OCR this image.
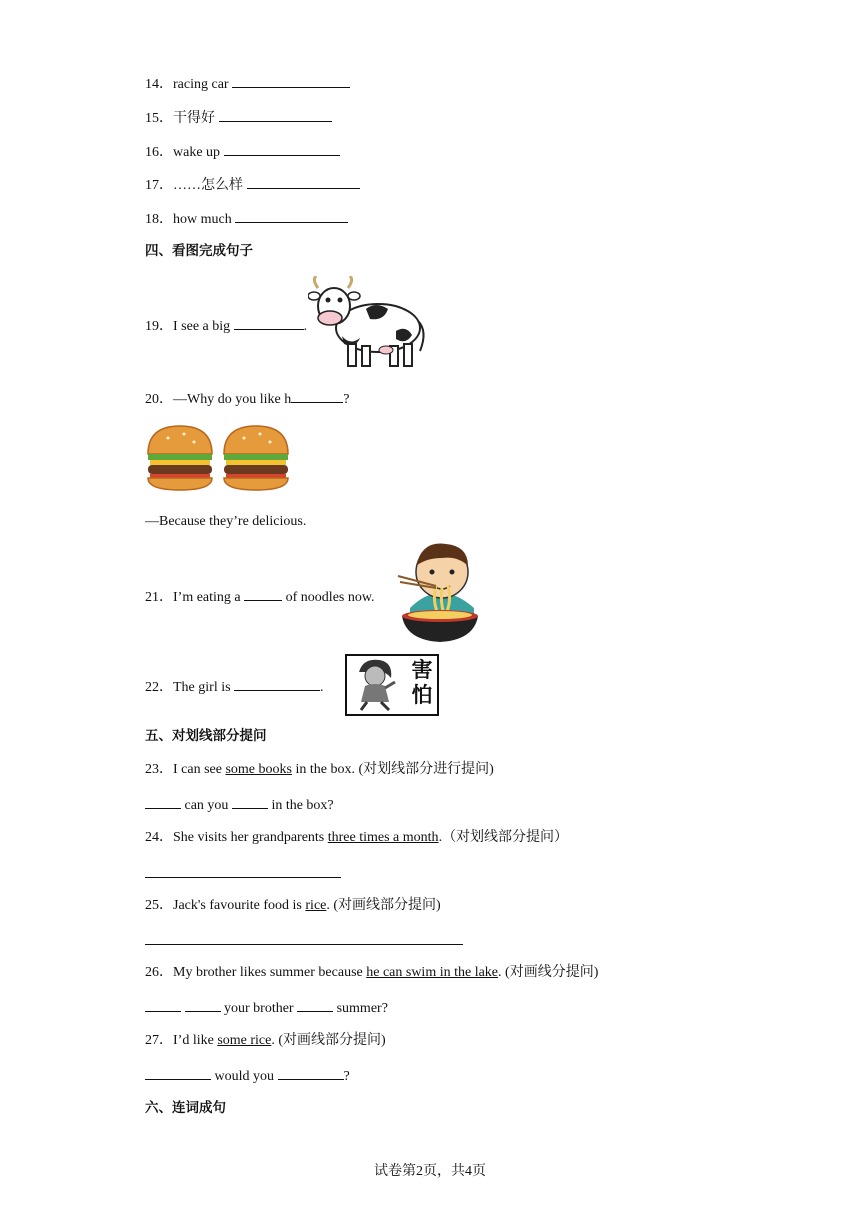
14．racing car
15．干得好
16．wake up
17．……怎么样
18．how much
四、看图完成句子
19．I see a big	.
20．—Why do you like h	?
—Because they’re delicious.
21．I’m eating a	of noodles now.
22．The girl is	.
害怕
五、对划线部分提问
23．I can see some books in the box. (对划线部分进行提问)
can you	in the box?
24．She visits her grandparents three times a month.（对划线部分提问）
25．Jack's favourite food is rice. (对画线部分提问)
26．My brother likes summer because he can swim in the lake. (对画线分提问)
your brother	summer?
27．I’d like some rice. (对画线部分提问)
would you	?
六、连词成句
试卷第2页，共4页
